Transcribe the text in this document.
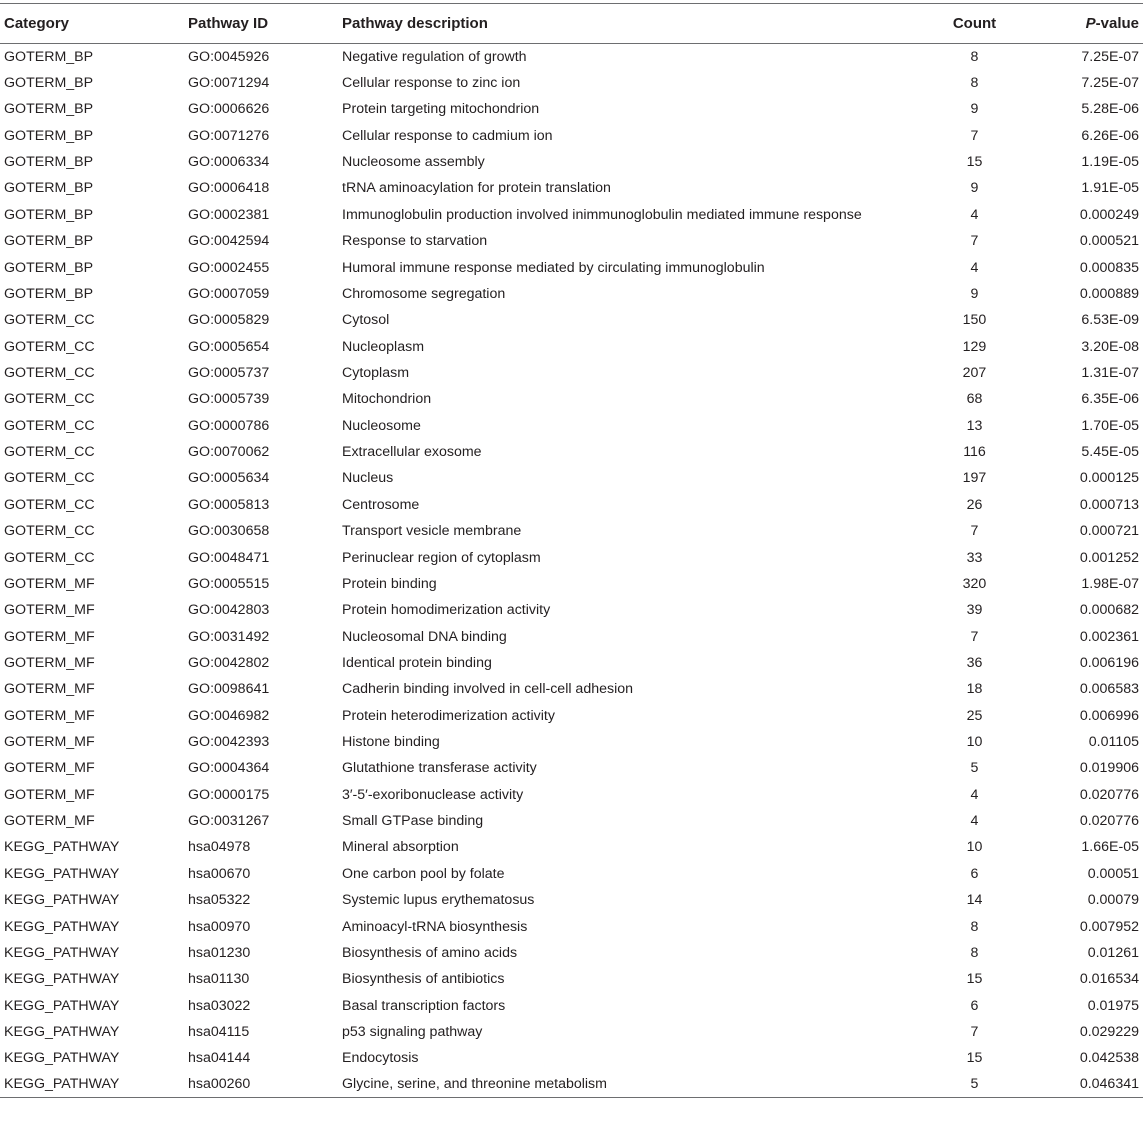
Category	Pathway ID	Pathway description	Count	P-value
GOTERM_BP	GO:0045926	Negative regulation of growth	8	7.25E-07
GOTERM_BP	GO:0071294	Cellular response to zinc ion	8	7.25E-07
GOTERM_BP	GO:0006626	Protein targeting mitochondrion	9	5.28E-06
GOTERM_BP	GO:0071276	Cellular response to cadmium ion	7	6.26E-06
GOTERM_BP	GO:0006334	Nucleosome assembly	15	1.19E-05
GOTERM_BP	GO:0006418	tRNA aminoacylation for protein translation	9	1.91E-05
GOTERM_BP	GO:0002381	Immunoglobulin production involved inimmunoglobulin mediated immune response	4	0.000249
GOTERM_BP	GO:0042594	Response to starvation	7	0.000521
GOTERM_BP	GO:0002455	Humoral immune response mediated by circulating immunoglobulin	4	0.000835
GOTERM_BP	GO:0007059	Chromosome segregation	9	0.000889
GOTERM_CC	GO:0005829	Cytosol	150	6.53E-09
GOTERM_CC	GO:0005654	Nucleoplasm	129	3.20E-08
GOTERM_CC	GO:0005737	Cytoplasm	207	1.31E-07
GOTERM_CC	GO:0005739	Mitochondrion	68	6.35E-06
GOTERM_CC	GO:0000786	Nucleosome	13	1.70E-05
GOTERM_CC	GO:0070062	Extracellular exosome	116	5.45E-05
GOTERM_CC	GO:0005634	Nucleus	197	0.000125
GOTERM_CC	GO:0005813	Centrosome	26	0.000713
GOTERM_CC	GO:0030658	Transport vesicle membrane	7	0.000721
GOTERM_CC	GO:0048471	Perinuclear region of cytoplasm	33	0.001252
GOTERM_MF	GO:0005515	Protein binding	320	1.98E-07
GOTERM_MF	GO:0042803	Protein homodimerization activity	39	0.000682
GOTERM_MF	GO:0031492	Nucleosomal DNA binding	7	0.002361
GOTERM_MF	GO:0042802	Identical protein binding	36	0.006196
GOTERM_MF	GO:0098641	Cadherin binding involved in cell-cell adhesion	18	0.006583
GOTERM_MF	GO:0046982	Protein heterodimerization activity	25	0.006996
GOTERM_MF	GO:0042393	Histone binding	10	0.01105
GOTERM_MF	GO:0004364	Glutathione transferase activity	5	0.019906
GOTERM_MF	GO:0000175	3′-5′-exoribonuclease activity	4	0.020776
GOTERM_MF	GO:0031267	Small GTPase binding	4	0.020776
KEGG_PATHWAY	hsa04978	Mineral absorption	10	1.66E-05
KEGG_PATHWAY	hsa00670	One carbon pool by folate	6	0.00051
KEGG_PATHWAY	hsa05322	Systemic lupus erythematosus	14	0.00079
KEGG_PATHWAY	hsa00970	Aminoacyl-tRNA biosynthesis	8	0.007952
KEGG_PATHWAY	hsa01230	Biosynthesis of amino acids	8	0.01261
KEGG_PATHWAY	hsa01130	Biosynthesis of antibiotics	15	0.016534
KEGG_PATHWAY	hsa03022	Basal transcription factors	6	0.01975
KEGG_PATHWAY	hsa04115	p53 signaling pathway	7	0.029229
KEGG_PATHWAY	hsa04144	Endocytosis	15	0.042538
KEGG_PATHWAY	hsa00260	Glycine, serine, and threonine metabolism	5	0.046341
